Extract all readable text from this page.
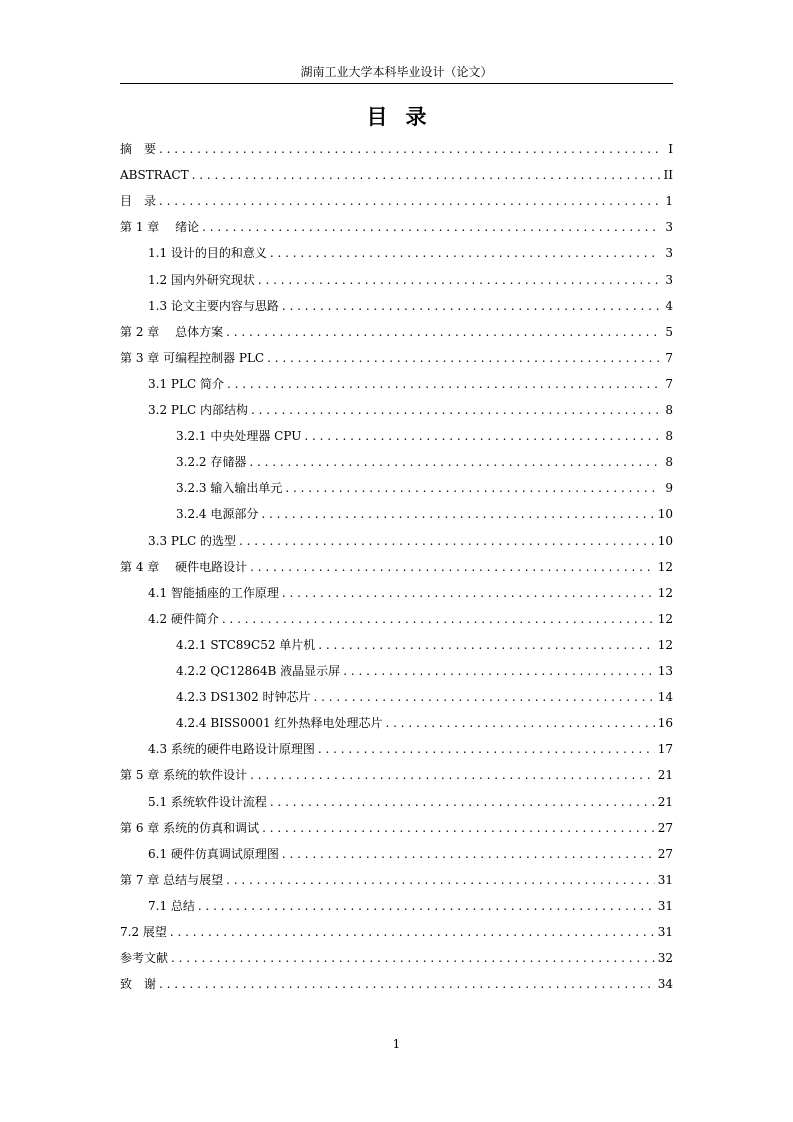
湖南工业大学本科毕业设计（论文）
目录
摘　要 . . .	I
ABSTRACT . . .	II
目　录 . . .	1
第 1 章　 绪论 . . .	3
1.1 设计的目的和意义 . . .	3
1.2 国内外研究现状 . . .	3
1.3 论文主要内容与思路 . . .	4
第 2 章　 总体方案 . . .	5
第 3 章 可编程控制器 PLC . . .	7
3.1 PLC 简介 . . .	7
3.2 PLC 内部结构 . . .	8
3.2.1 中央处理器 CPU . . .	8
3.2.2 存储器 . . .	8
3.2.3 输入输出单元 . . .	9
3.2.4 电源部分 . . .	10
3.3 PLC 的选型 . . .	10
第 4 章　 硬件电路设计 . . .	12
4.1 智能插座的工作原理 . . .	12
4.2 硬件简介 . . .	12
4.2.1 STC89C52 单片机 . . .	12
4.2.2 QC12864B 液晶显示屏 . . .	13
4.2.3 DS1302 时钟芯片 . . .	14
4.2.4 BISS0001 红外热释电处理芯片 . . .	16
4.3 系统的硬件电路设计原理图 . . .	17
第 5 章 系统的软件设计 . . .	21
5.1 系统软件设计流程 . . .	21
第 6 章 系统的仿真和调试 . . .	27
6.1 硬件仿真调试原理图 . . .	27
第 7 章 总结与展望 . . .	31
7.1 总结 . . .	31
7.2 展望 . . .	31
参考文献 . . .	32
致　谢 . . .	34
1
